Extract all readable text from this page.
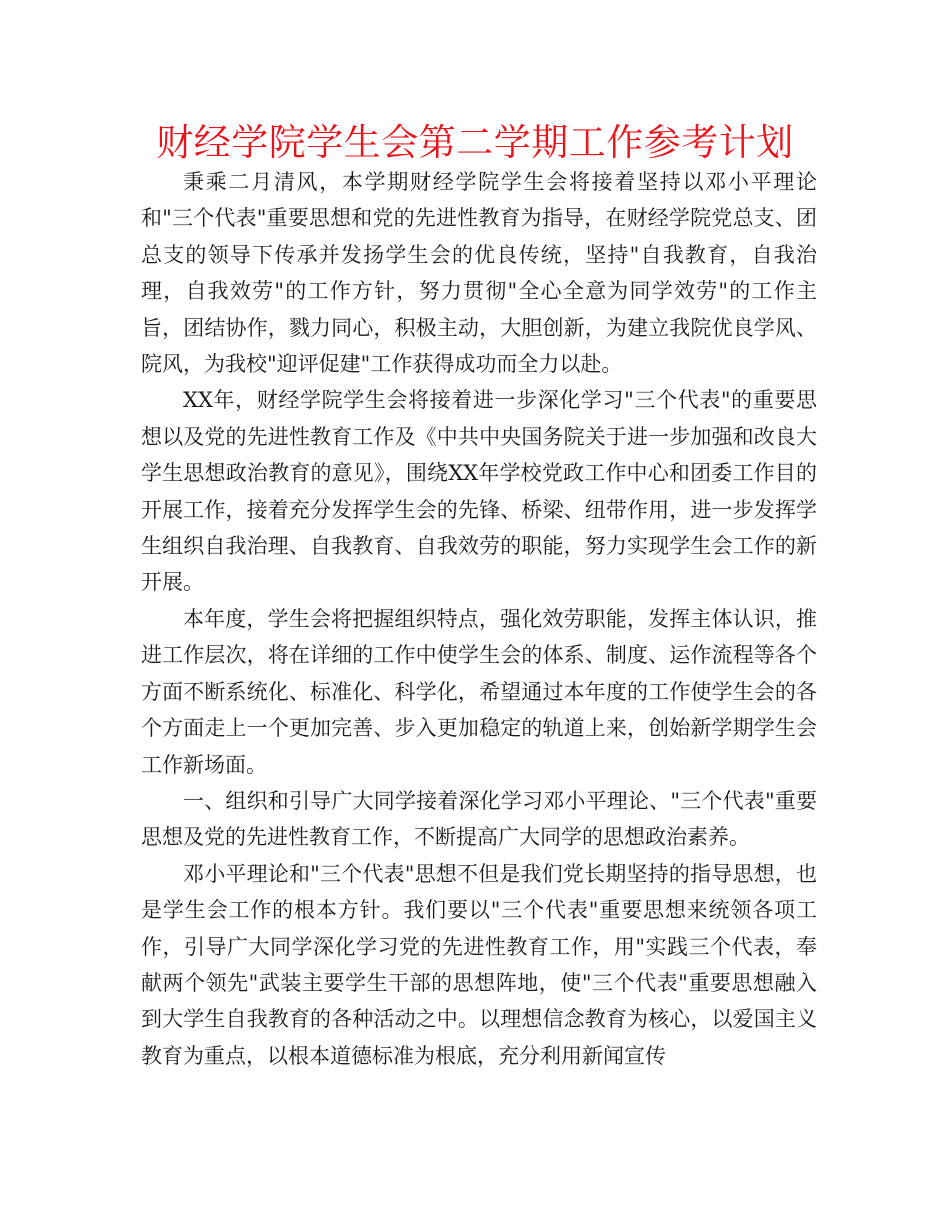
财经学院学生会第二学期工作参考计划

秉乘二月清风，本学期财经学院学生会将接着坚持以邓小平理论和"三个代表"重要思想和党的先进性教育为指导，在财经学院党总支、团总支的领导下传承并发扬学生会的优良传统，坚持"自我教育，自我治理，自我效劳"的工作方针，努力贯彻"全心全意为同学效劳"的工作主旨，团结协作，戮力同心，积极主动，大胆创新，为建立我院优良学风、院风，为我校"迎评促建"工作获得成功而全力以赴。

XX年，财经学院学生会将接着进一步深化学习"三个代表"的重要思想以及党的先进性教育工作及《中共中央国务院关于进一步加强和改良大学生思想政治教育的意见》，围绕XX年学校党政工作中心和团委工作目的开展工作，接着充分发挥学生会的先锋、桥梁、纽带作用，进一步发挥学生组织自我治理、自我教育、自我效劳的职能，努力实现学生会工作的新开展。

本年度，学生会将把握组织特点，强化效劳职能，发挥主体认识，推进工作层次，将在详细的工作中使学生会的体系、制度、运作流程等各个方面不断系统化、标准化、科学化，希望通过本年度的工作使学生会的各个方面走上一个更加完善、步入更加稳定的轨道上来，创始新学期学生会工作新场面。

一、组织和引导广大同学接着深化学习邓小平理论、"三个代表"重要思想及党的先进性教育工作，不断提高广大同学的思想政治素养。

邓小平理论和"三个代表"思想不但是我们党长期坚持的指导思想，也是学生会工作的根本方针。我们要以"三个代表"重要思想来统领各项工作，引导广大同学深化学习党的先进性教育工作，用"实践三个代表，奉献两个领先"武装主要学生干部的思想阵地，使"三个代表"重要思想融入到大学生自我教育的各种活动之中。以理想信念教育为核心，以爱国主义教育为重点，以根本道德标准为根底，充分利用新闻宣传
